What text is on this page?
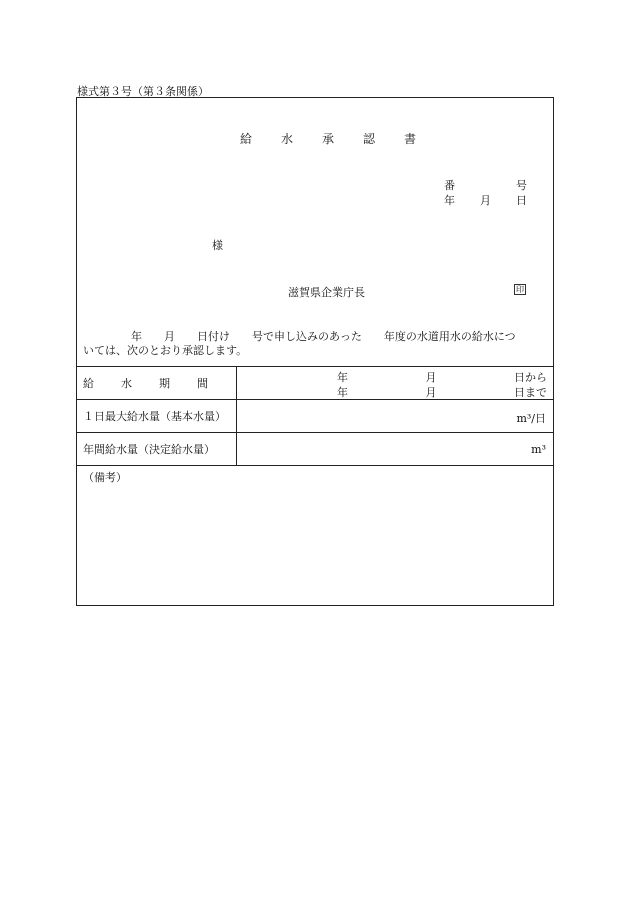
様式第３号（第３条関係）
給水承認書
番	号
年 月 日
様
滋賀県企業庁長	印
年　　月　　日付け　　号で申し込みのあった　　年度の水道用水の給水につ
いては、次のとおり承認します。
給水期間	年	月	日から
年	月	日まで
１日最大給水量（基本水量）	m³/日
年間給水量（決定給水量）	m³
（備考）
